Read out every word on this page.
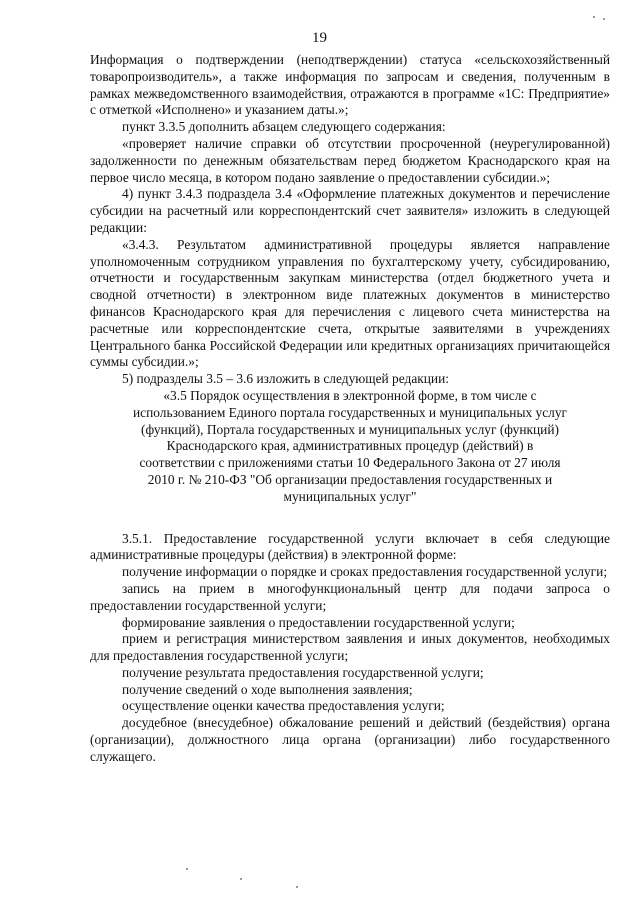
19

Информация о подтверждении (неподтверждении) статуса «сельскохозяйственный товаропроизводитель», а также информация по запросам и сведения, полученным в рамках межведомственного взаимодействия, отражаются в программе «1С: Предприятие» с отметкой «Исполнено» и указанием даты.»;

пункт 3.3.5 дополнить абзацем следующего содержания:

«проверяет наличие справки об отсутствии просроченной (неурегулированной) задолженности по денежным обязательствам перед бюджетом Краснодарского края на первое число месяца, в котором подано заявление о предоставлении субсидии.»;

4) пункт 3.4.3 подраздела 3.4 «Оформление платежных документов и перечисление субсидии на расчетный или корреспондентский счет заявителя» изложить в следующей редакции:

«3.4.3. Результатом административной процедуры является направление уполномоченным сотрудником управления по бухгалтерскому учету, субсидированию, отчетности и государственным закупкам министерства (отдел бюджетного учета и сводной отчетности) в электронном виде платежных документов в министерство финансов Краснодарского края для перечисления с лицевого счета министерства на расчетные или корреспондентские счета, открытые заявителями в учреждениях Центрального банка Российской Федерации или кредитных организациях причитающейся суммы субсидии.»;

5) подразделы 3.5 – 3.6 изложить в следующей редакции:

«3.5 Порядок осуществления в электронной форме, в том числе с использованием Единого портала государственных и муниципальных услуг (функций), Портала государственных и муниципальных услуг (функций) Краснодарского края, административных процедур (действий) в соответствии с приложениями статьи 10 Федерального Закона от 27 июля 2010 г. № 210-ФЗ "Об организации предоставления государственных и муниципальных услуг"

3.5.1. Предоставление государственной услуги включает в себя следующие административные процедуры (действия) в электронной форме:

получение информации о порядке и сроках предоставления государственной услуги;

запись на прием в многофункциональный центр для подачи запроса о предоставлении государственной услуги;

формирование заявления о предоставлении государственной услуги;

прием и регистрация министерством заявления и иных документов, необходимых для предоставления государственной услуги;

получение результата предоставления государственной услуги;

получение сведений о ходе выполнения заявления;

осуществление оценки качества предоставления услуги;

досудебное (внесудебное) обжалование решений и действий (бездействия) органа (организации), должностного лица органа (организации) либо государственного служащего.
